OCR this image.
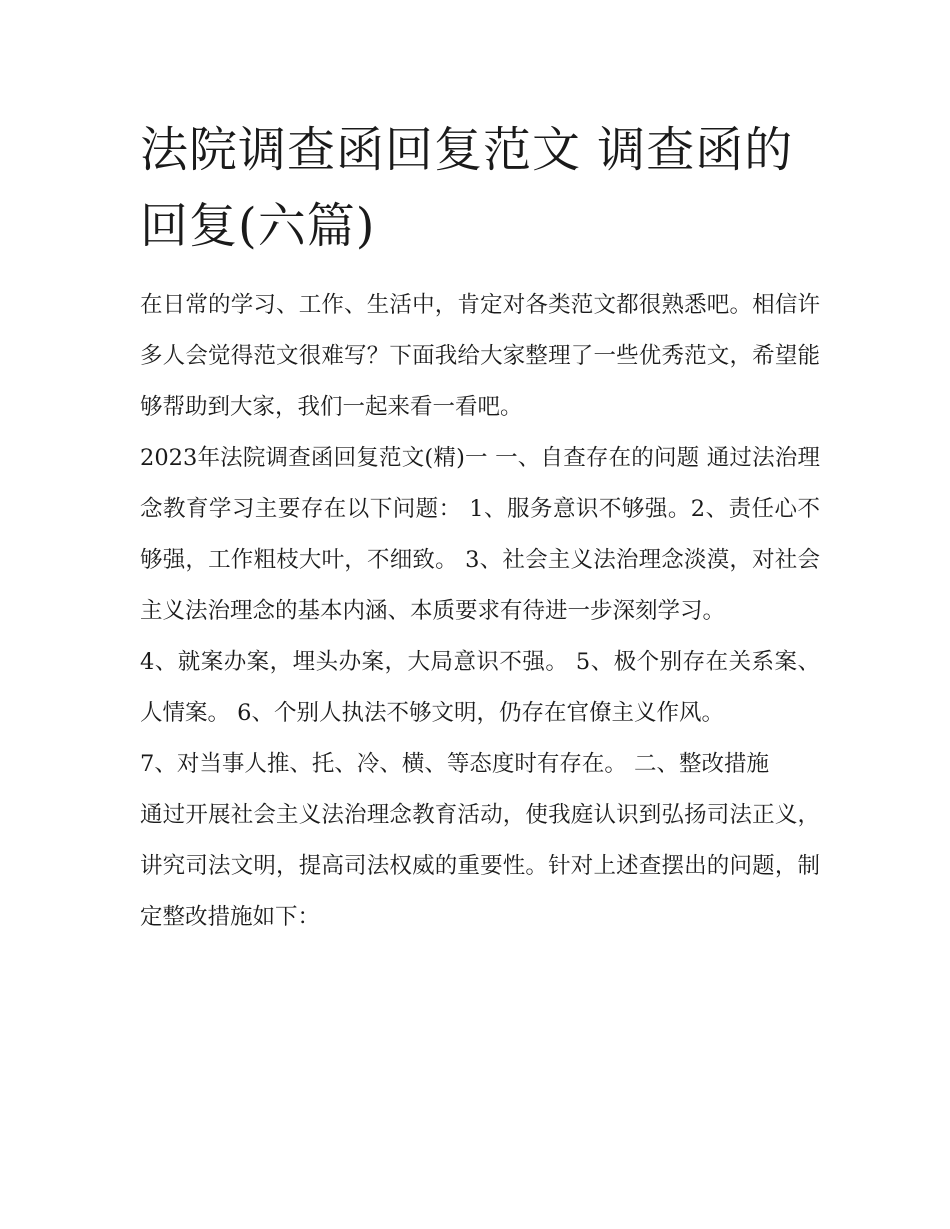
法院调查函回复范文 调查函的回复(六篇)

在日常的学习、工作、生活中，肯定对各类范文都很熟悉吧。相信许多人会觉得范文很难写？下面我给大家整理了一些优秀范文，希望能够帮助到大家，我们一起来看一看吧。

2023年法院调查函回复范文(精)一 一、自查存在的问题 通过法治理念教育学习主要存在以下问题： 1、服务意识不够强。2、责任心不够强，工作粗枝大叶，不细致。 3、社会主义法治理念淡漠，对社会主义法治理念的基本内涵、本质要求有待进一步深刻学习。

4、就案办案，埋头办案，大局意识不强。 5、极个别存在关系案、人情案。 6、个别人执法不够文明，仍存在官僚主义作风。

7、对当事人推、托、冷、横、等态度时有存在。 二、整改措施

通过开展社会主义法治理念教育活动，使我庭认识到弘扬司法正义，讲究司法文明，提高司法权威的重要性。针对上述查摆出的问题，制定整改措施如下：
